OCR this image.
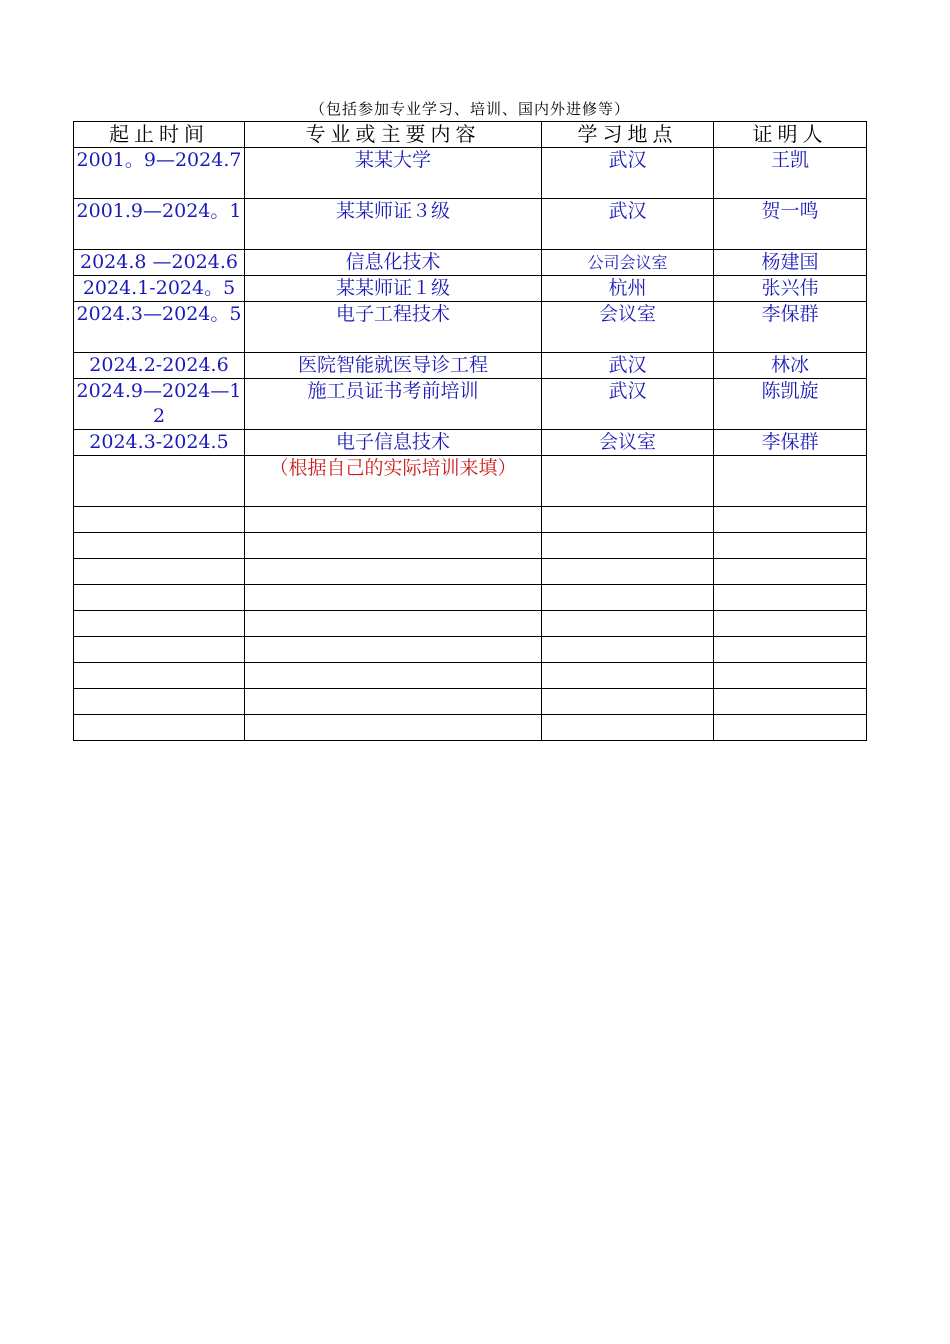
（包括参加专业学习、培训、国内外进修等）
起止时间	专业或主要内容	学习地点	证明人
2001。9—2024.7	某某大学	武汉	王凯
2001.9—2024。1	某某师证３级	武汉	贺一鸣
2024.8 —2024.6	信息化技术	公司会议室	杨建国
2024.1-2024。5	某某师证１级	杭州	张兴伟
2024.3—2024。5	电子工程技术	会议室	李保群
2024.2-2024.6	医院智能就医导诊工程	武汉	林冰
2024.9—2024—12	施工员证书考前培训	武汉	陈凯旋
2024.3-2024.5	电子信息技术	会议室	李保群
	（根据自己的实际培训来填）		
